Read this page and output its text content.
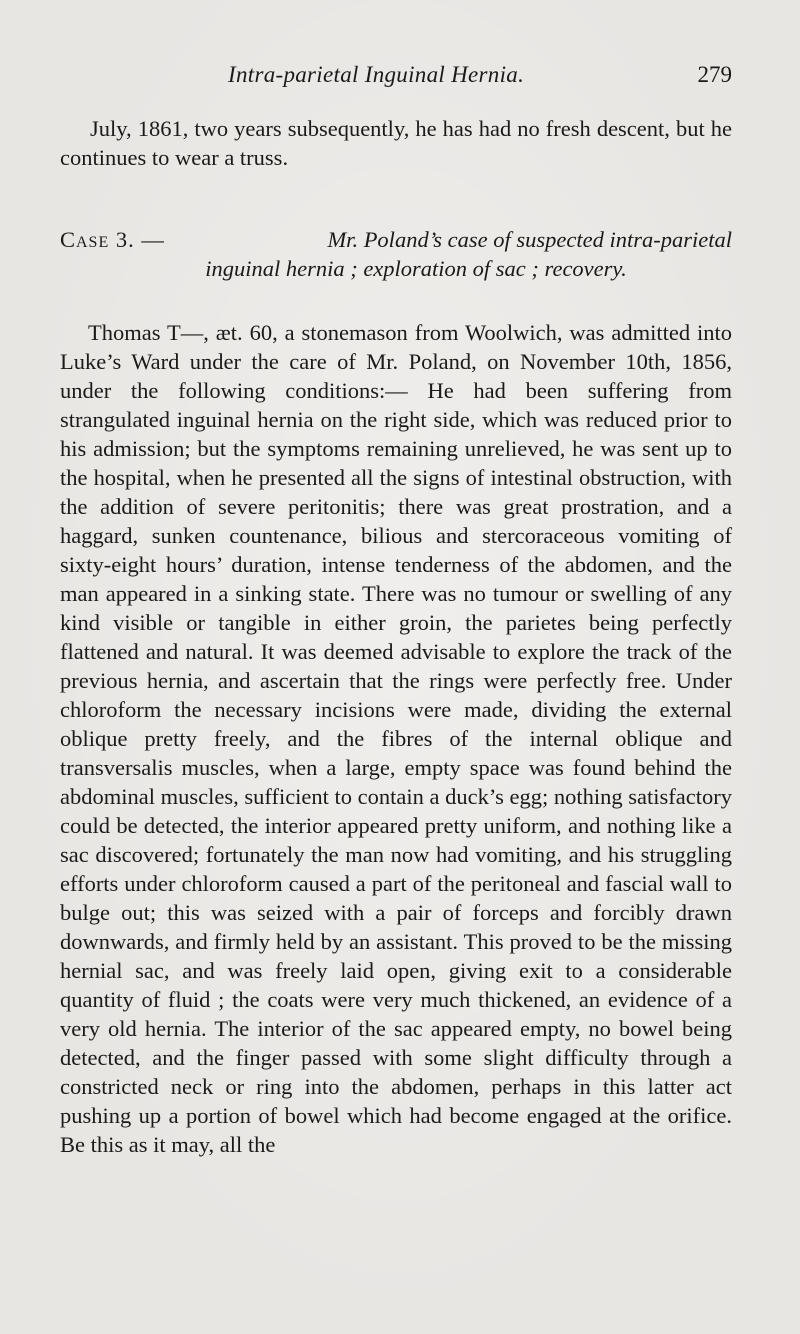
Intra-parietal Inguinal Hernia.	279

July, 1861, two years subsequently, he has had no fresh descent, but he continues to wear a truss.

Case 3. —	Mr. Poland’s case of suspected intra-parietal
inguinal hernia ; exploration of sac ; recovery.

Thomas T—, æt. 60, a stonemason from Woolwich, was admitted into Luke’s Ward under the care of Mr. Poland, on November 10th, 1856, under the following conditions:— He had been suffering from strangulated inguinal hernia on the right side, which was reduced prior to his admission; but the symptoms remaining unrelieved, he was sent up to the hospital, when he presented all the signs of intestinal obstruction, with the addition of severe peritonitis; there was great prostration, and a haggard, sunken countenance, bilious and stercoraceous vomiting of sixty-eight hours’ duration, intense tenderness of the abdomen, and the man appeared in a sinking state. There was no tumour or swelling of any kind visible or tangible in either groin, the parietes being perfectly flattened and natural. It was deemed advisable to explore the track of the previous hernia, and ascertain that the rings were perfectly free. Under chloroform the necessary incisions were made, dividing the external oblique pretty freely, and the fibres of the internal oblique and transversalis muscles, when a large, empty space was found behind the abdominal muscles, sufficient to contain a duck’s egg; nothing satisfactory could be detected, the interior appeared pretty uniform, and nothing like a sac discovered; fortunately the man now had vomiting, and his struggling efforts under chloroform caused a part of the peritoneal and fascial wall to bulge out; this was seized with a pair of forceps and forcibly drawn downwards, and firmly held by an assistant. This proved to be the missing hernial sac, and was freely laid open, giving exit to a considerable quantity of fluid ; the coats were very much thickened, an evidence of a very old hernia. The interior of the sac appeared empty, no bowel being detected, and the finger passed with some slight difficulty through a constricted neck or ring into the abdomen, perhaps in this latter act pushing up a portion of bowel which had become engaged at the orifice. Be this as it may, all the
